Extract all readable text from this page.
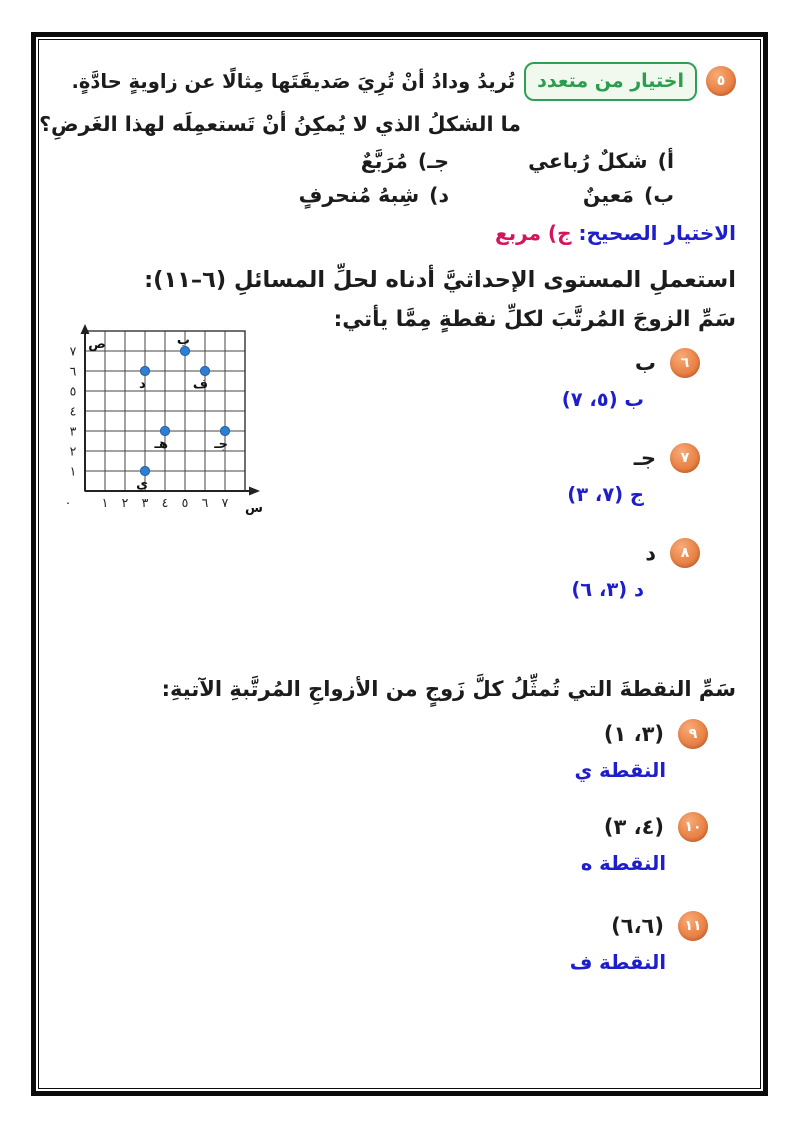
٥
اختيار من متعدد
تُريدُ ودادُ أنْ تُرِيَ صَديقَتَها مِثالًا عن زاويةٍ حادَّةٍ.
ما الشكلُ الذي لا يُمكِنُ أنْ تَستعمِلَه لهذا الغَرضِ؟
أ)شكلٌ رُباعي
جـ)مُرَبَّعٌ
ب)مَعينٌ
د)شِبهُ مُنحرفٍ
الاختيار الصحيح: ج) مربع
استعملِ المستوى الإحداثيَّ أدناه لحلِّ المسائلِ (٦–١١):
١ ٢ ٣ ٤ ٥ ٦ ٧
١
٢
٣
٤
٥
٦
٧
٠	س
ص	ب
د	ف
هـ	جـ
ي
سَمِّ الزوجَ المُرتَّبَ لكلِّ نقطةٍ مِمَّا يأتي:
٦
ب
ب (٥، ٧)
٧
جـ
ج (٧، ٣)
٨
د
د (٣، ٦)
سَمِّ النقطةَ التي تُمثِّلُ كلَّ زَوجٍ من الأزواجِ المُرتَّبةِ الآتيةِ:
٩
(٣، ١)
النقطة ي
١٠
(٤، ٣)
النقطة ه
١١
(٦،٦)
النقطة ف
